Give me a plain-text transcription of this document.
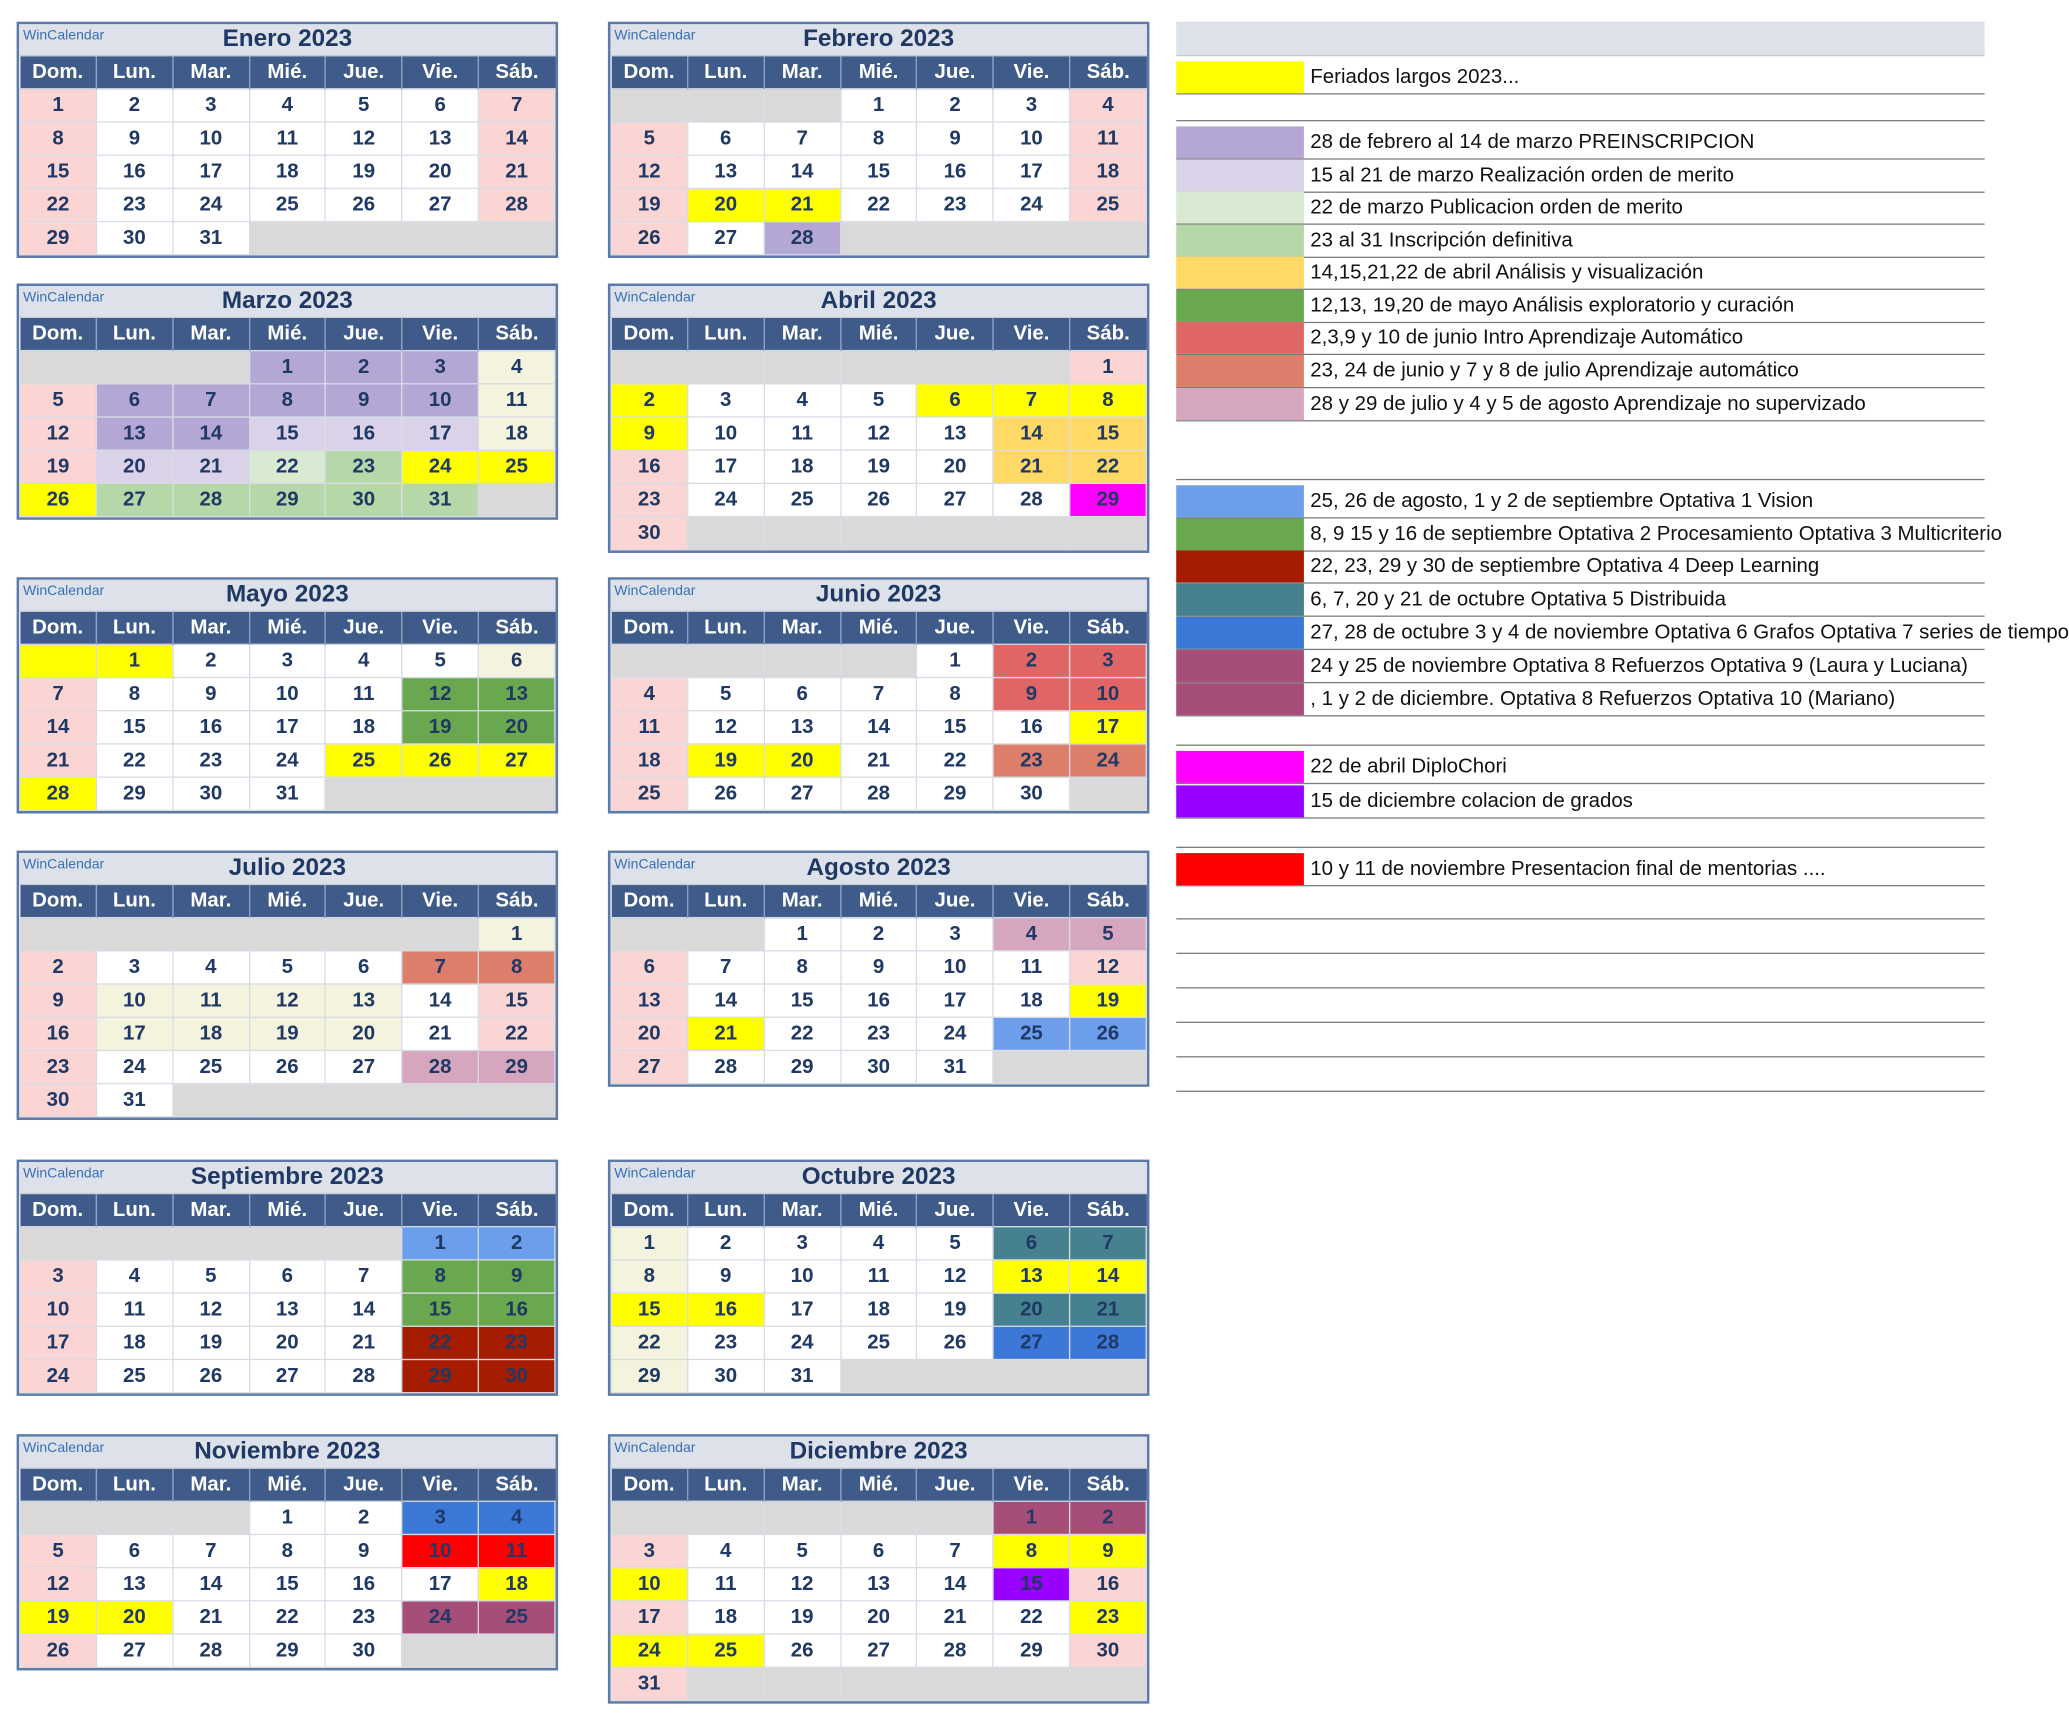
WinCalendar	Enero 2023
Dom.	Lun.	Mar.	Mié.	Jue.	Vie.	Sáb.
1	2	3	4	5	6	7
8	9	10	11	12	13	14
15	16	17	18	19	20	21
22	23	24	25	26	27	28
29	30	31				
WinCalendar	Febrero 2023
Dom.	Lun.	Mar.	Mié.	Jue.	Vie.	Sáb.
			1	2	3	4
5	6	7	8	9	10	11
12	13	14	15	16	17	18
19	20	21	22	23	24	25
26	27	28				
WinCalendar	Marzo 2023
Dom.	Lun.	Mar.	Mié.	Jue.	Vie.	Sáb.
			1	2	3	4
5	6	7	8	9	10	11
12	13	14	15	16	17	18
19	20	21	22	23	24	25
26	27	28	29	30	31	
WinCalendar	Abril 2023
Dom.	Lun.	Mar.	Mié.	Jue.	Vie.	Sáb.
						1
2	3	4	5	6	7	8
9	10	11	12	13	14	15
16	17	18	19	20	21	22
23	24	25	26	27	28	29
30						
WinCalendar	Mayo 2023
Dom.	Lun.	Mar.	Mié.	Jue.	Vie.	Sáb.
	1	2	3	4	5	6
7	8	9	10	11	12	13
14	15	16	17	18	19	20
21	22	23	24	25	26	27
28	29	30	31			
WinCalendar	Junio 2023
Dom.	Lun.	Mar.	Mié.	Jue.	Vie.	Sáb.
				1	2	3
4	5	6	7	8	9	10
11	12	13	14	15	16	17
18	19	20	21	22	23	24
25	26	27	28	29	30	
WinCalendar	Julio 2023
Dom.	Lun.	Mar.	Mié.	Jue.	Vie.	Sáb.
						1
2	3	4	5	6	7	8
9	10	11	12	13	14	15
16	17	18	19	20	21	22
23	24	25	26	27	28	29
30	31					
WinCalendar	Agosto 2023
Dom.	Lun.	Mar.	Mié.	Jue.	Vie.	Sáb.
		1	2	3	4	5
6	7	8	9	10	11	12
13	14	15	16	17	18	19
20	21	22	23	24	25	26
27	28	29	30	31		
WinCalendar	Septiembre 2023
Dom.	Lun.	Mar.	Mié.	Jue.	Vie.	Sáb.
					1	2
3	4	5	6	7	8	9
10	11	12	13	14	15	16
17	18	19	20	21	22	23
24	25	26	27	28	29	30
WinCalendar	Octubre 2023
Dom.	Lun.	Mar.	Mié.	Jue.	Vie.	Sáb.
1	2	3	4	5	6	7
8	9	10	11	12	13	14
15	16	17	18	19	20	21
22	23	24	25	26	27	28
29	30	31				
WinCalendar	Noviembre 2023
Dom.	Lun.	Mar.	Mié.	Jue.	Vie.	Sáb.
			1	2	3	4
5	6	7	8	9	10	11
12	13	14	15	16	17	18
19	20	21	22	23	24	25
26	27	28	29	30		
WinCalendar	Diciembre 2023
Dom.	Lun.	Mar.	Mié.	Jue.	Vie.	Sáb.
					1	2
3	4	5	6	7	8	9
10	11	12	13	14	15	16
17	18	19	20	21	22	23
24	25	26	27	28	29	30
31						
Feriados largos 2023...
28 de febrero al 14 de marzo PREINSCRIPCION
15 al 21 de marzo Realización orden de merito
22 de marzo Publicacion orden de merito
23 al 31 Inscripción definitiva
14,15,21,22 de abril Análisis y visualización
12,13, 19,20 de mayo Análisis exploratorio y curación
2,3,9 y 10 de junio Intro Aprendizaje Automático
23, 24 de junio y 7 y 8 de julio Aprendizaje automático
28 y 29 de julio y 4 y 5 de agosto Aprendizaje no supervizado
25, 26 de agosto, 1 y 2 de septiembre Optativa 1 Vision
8, 9 15 y 16 de septiembre Optativa 2 Procesamiento Optativa 3 Multicriterio
22, 23, 29 y 30 de septiembre Optativa 4 Deep Learning
6, 7, 20 y 21 de octubre Optativa 5 Distribuida
27, 28 de octubre 3 y 4 de noviembre Optativa 6 Grafos Optativa 7 series de tiempo
24 y 25 de noviembre Optativa 8 Refuerzos Optativa 9 (Laura y Luciana)
, 1 y 2 de diciembre. Optativa 8 Refuerzos Optativa 10 (Mariano)
22 de abril DiploChori
15 de diciembre colacion de grados
10 y 11 de noviembre Presentacion final de mentorias ....
